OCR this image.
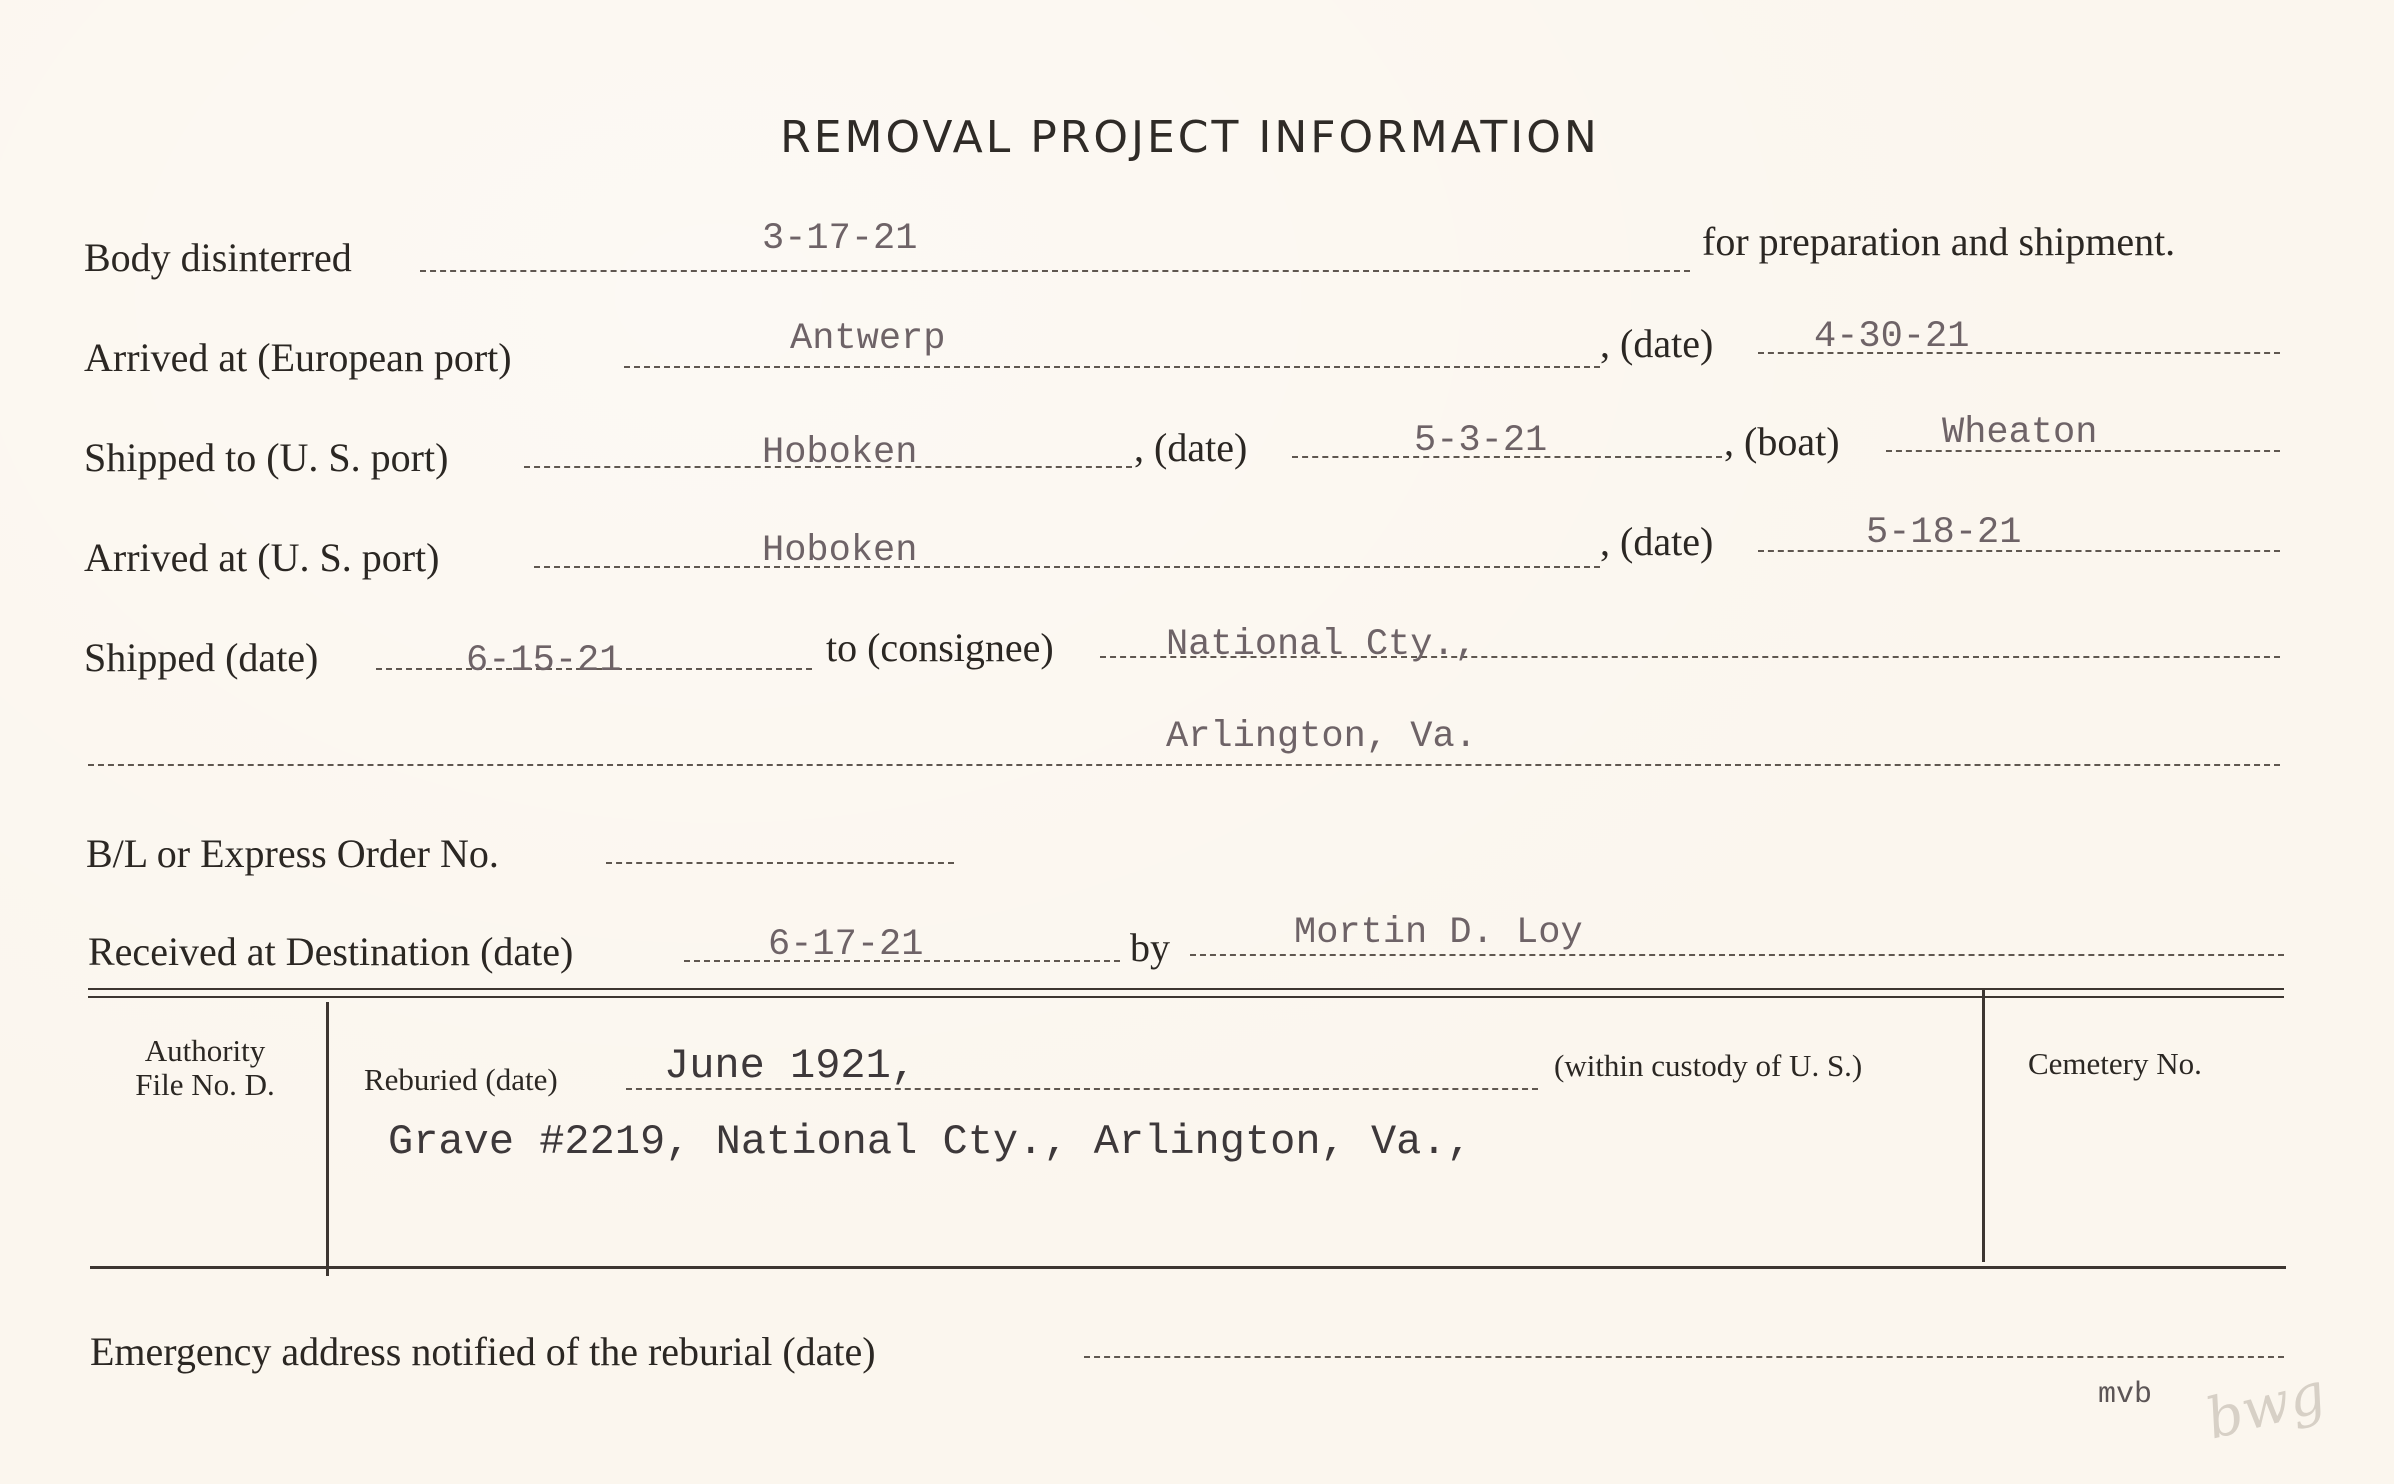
REMOVAL PROJECT INFORMATION
Body disinterred	3-17-21	for preparation and shipment.
Arrived at (European port)	Antwerp	, (date)	4-30-21
Shipped to (U. S. port)	Hoboken	, (date)	5-3-21	, (boat)	Wheaton
Arrived at (U. S. port)	Hoboken	, (date)	5-18-21
Shipped (date)	6-15-21	to (consignee)	National Cty.,
Arlington, Va.
B/L or Express Order No.
Received at Destination (date)	6-17-21	by	Mortin D. Loy
Authority
File No. D.	Reburied (date)	June 1921,	(within custody of U. S.)
Grave #2219, National Cty., Arlington, Va.,
Cemetery No.
Emergency address notified of the reburial (date)
mvb bwg
